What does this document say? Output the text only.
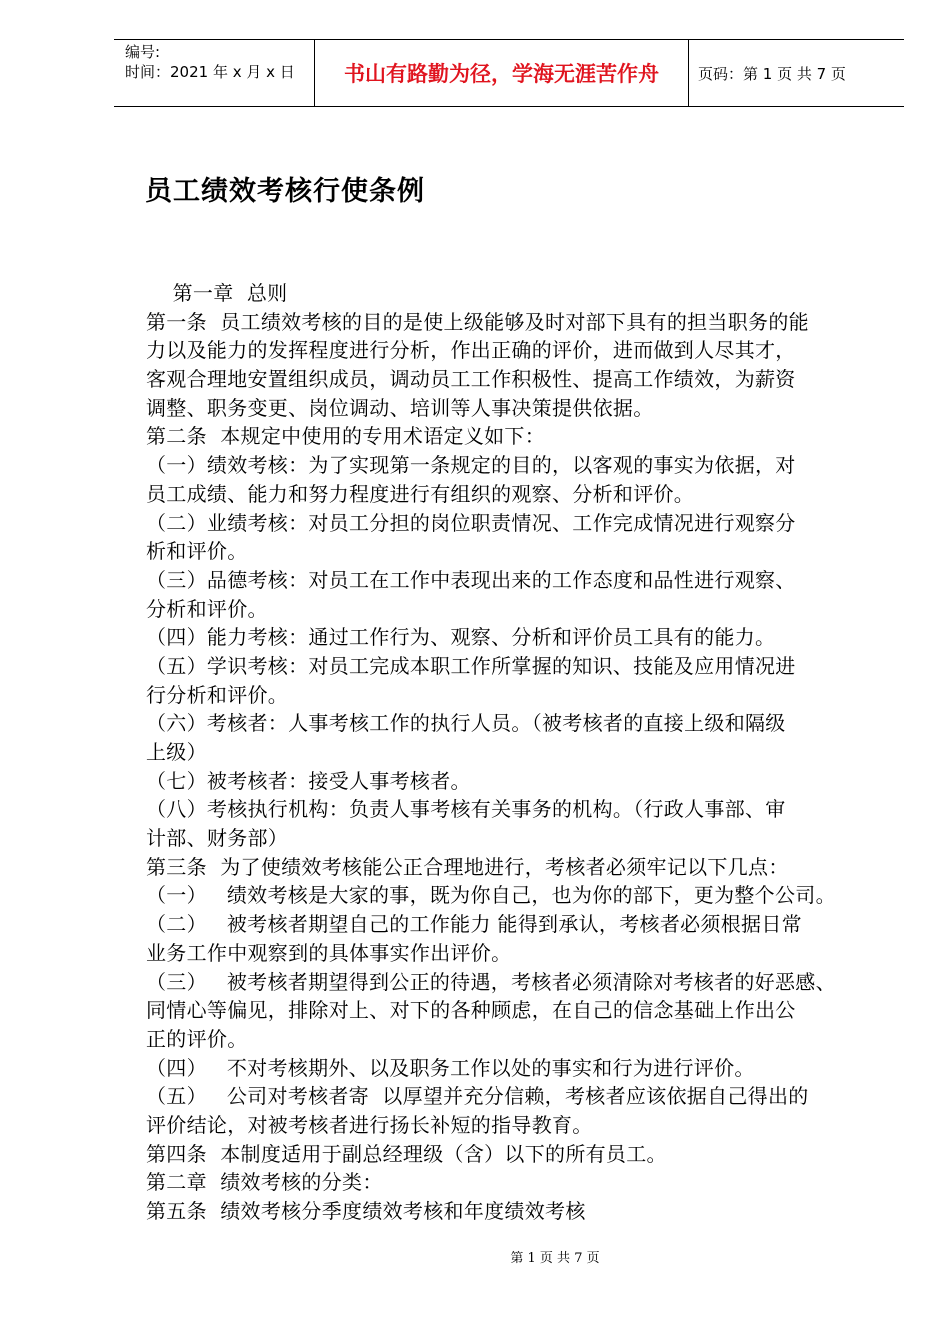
编号:
时间：2021 年 x 月 x 日	书山有路勤为径，学海无涯苦作舟	页码：第 1 页 共 7 页
员工绩效考核行使条例
第一章  总则
第一条  员工绩效考核的目的是使上级能够及时对部下具有的担当职务的能
力以及能力的发挥程度进行分析，作出正确的评价，进而做到人尽其才，
客观合理地安置组织成员，调动员工工作积极性、提高工作绩效，为薪资
调整、职务变更、岗位调动、培训等人事决策提供依据。
第二条  本规定中使用的专用术语定义如下：
（一）绩效考核：为了实现第一条规定的目的，以客观的事实为依据，对
员工成绩、能力和努力程度进行有组织的观察、分析和评价。
（二）业绩考核：对员工分担的岗位职责情况、工作完成情况进行观察分
析和评价。
（三）品德考核：对员工在工作中表现出来的工作态度和品性进行观察、
分析和评价。
（四）能力考核：通过工作行为、观察、分析和评价员工具有的能力。
（五）学识考核：对员工完成本职工作所掌握的知识、技能及应用情况进
行分析和评价。
（六）考核者：人事考核工作的执行人员。（被考核者的直接上级和隔级
上级）
（七）被考核者：接受人事考核者。
（八）考核执行机构：负责人事考核有关事务的机构。（行政人事部、审
计部、财务部）
第三条  为了使绩效考核能公正合理地进行，考核者必须牢记以下几点：
（一）   绩效考核是大家的事，既为你自己，也为你的部下，更为整个公司。
（二）   被考核者期望自己的工作能力 能得到承认，考核者必须根据日常
业务工作中观察到的具体事实作出评价。
（三）   被考核者期望得到公正的待遇，考核者必须清除对考核者的好恶感、
同情心等偏见，排除对上、对下的各种顾虑，在自己的信念基础上作出公
正的评价。
（四）   不对考核期外、以及职务工作以处的事实和行为进行评价。
（五）   公司对考核者寄  以厚望并充分信赖，考核者应该依据自己得出的
评价结论，对被考核者进行扬长补短的指导教育。
第四条  本制度适用于副总经理级（含）以下的所有员工。
第二章  绩效考核的分类：
第五条  绩效考核分季度绩效考核和年度绩效考核
第 1 页 共 7 页
